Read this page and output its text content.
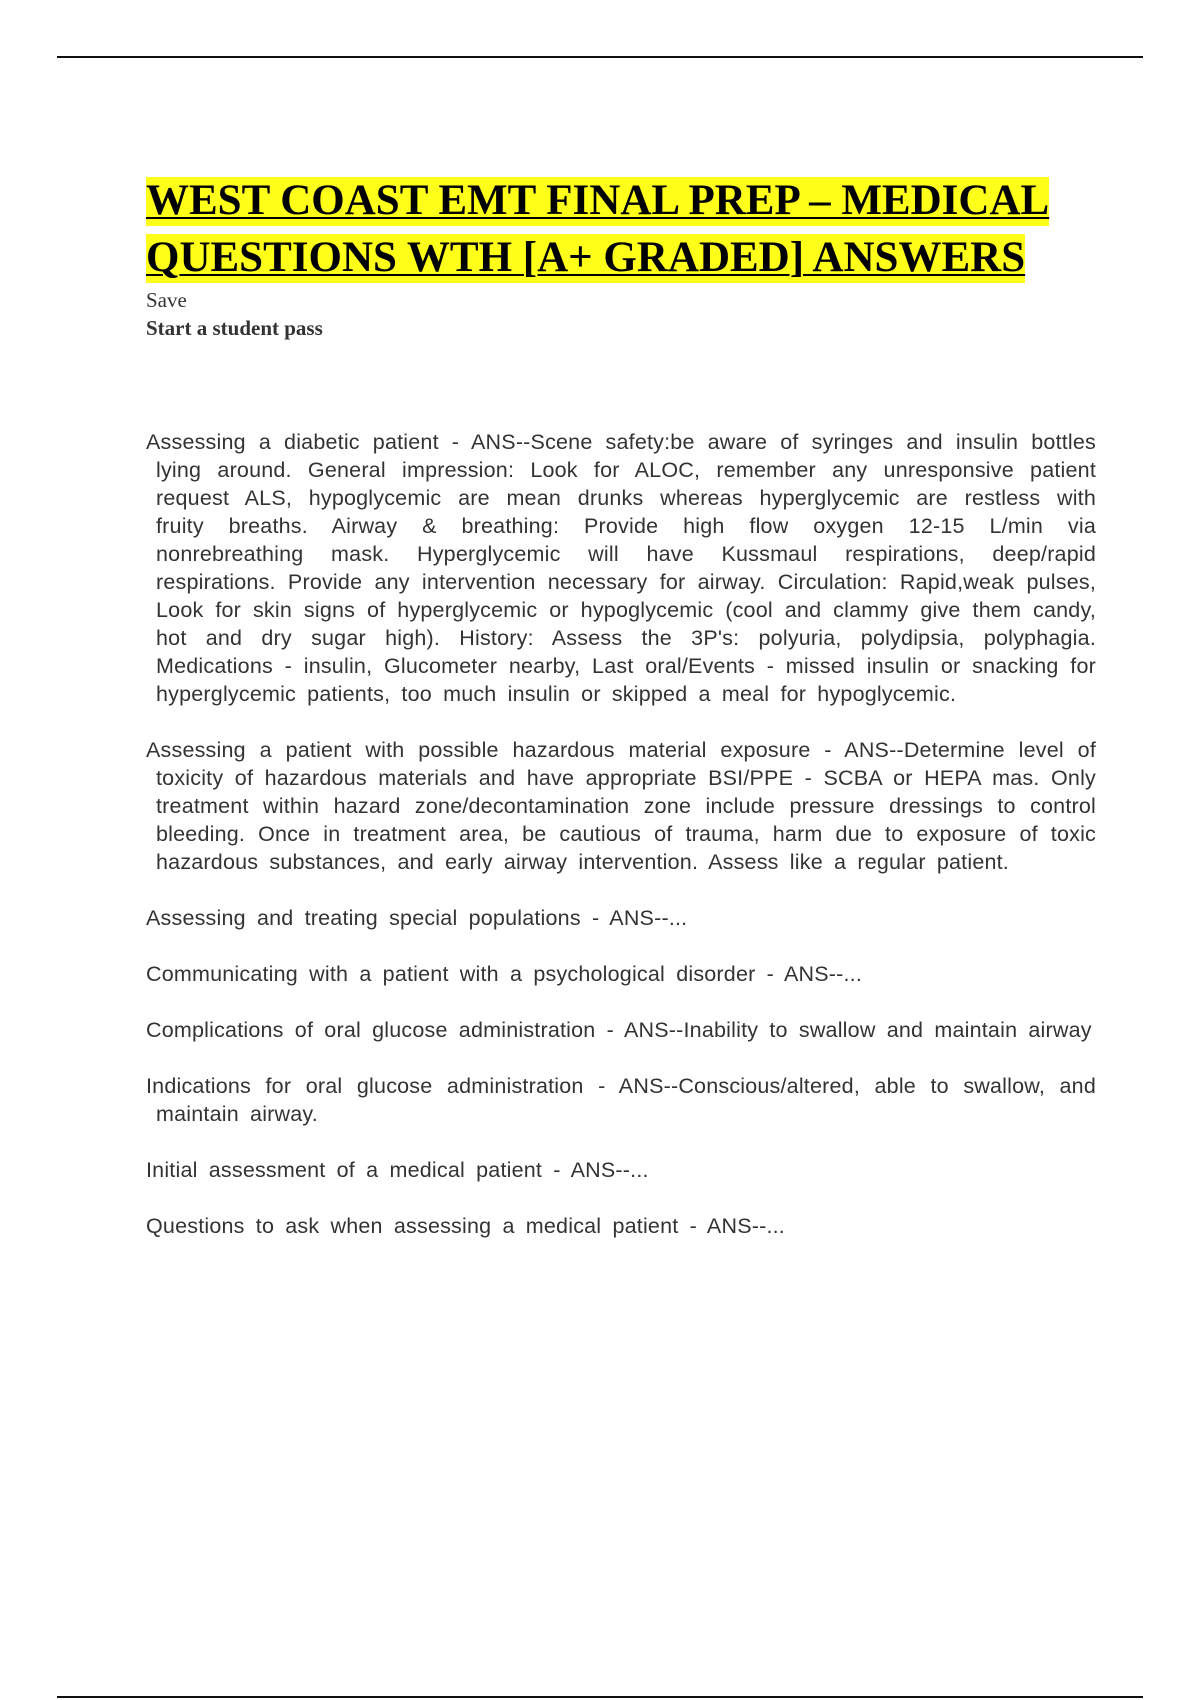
WEST COAST EMT FINAL PREP – MEDICAL QUESTIONS WTH [A+ GRADED] ANSWERS

Save

Start a student pass

Assessing a diabetic patient - ANS--Scene safety:be aware of syringes and insulin bottles lying around. General impression: Look for ALOC, remember any unresponsive patient request ALS, hypoglycemic are mean drunks whereas hyperglycemic are restless with fruity breaths. Airway & breathing: Provide high flow oxygen 12-15 L/min via nonrebreathing mask. Hyperglycemic will have Kussmaul respirations, deep/rapid respirations. Provide any intervention necessary for airway. Circulation: Rapid,weak pulses, Look for skin signs of hyperglycemic or hypoglycemic (cool and clammy give them candy, hot and dry sugar high). History: Assess the 3P's: polyuria, polydipsia, polyphagia. Medications - insulin, Glucometer nearby, Last oral/Events - missed insulin or snacking for hyperglycemic patients, too much insulin or skipped a meal for hypoglycemic.

Assessing a patient with possible hazardous material exposure - ANS--Determine level of toxicity of hazardous materials and have appropriate BSI/PPE - SCBA or HEPA mas. Only treatment within hazard zone/decontamination zone include pressure dressings to control bleeding. Once in treatment area, be cautious of trauma, harm due to exposure of toxic hazardous substances, and early airway intervention. Assess like a regular patient.

Assessing and treating special populations - ANS--...

Communicating with a patient with a psychological disorder - ANS--...

Complications of oral glucose administration - ANS--Inability to swallow and maintain airway

Indications for oral glucose administration - ANS--Conscious/altered, able to swallow, and maintain airway.

Initial assessment of a medical patient - ANS--...

Questions to ask when assessing a medical patient - ANS--...
